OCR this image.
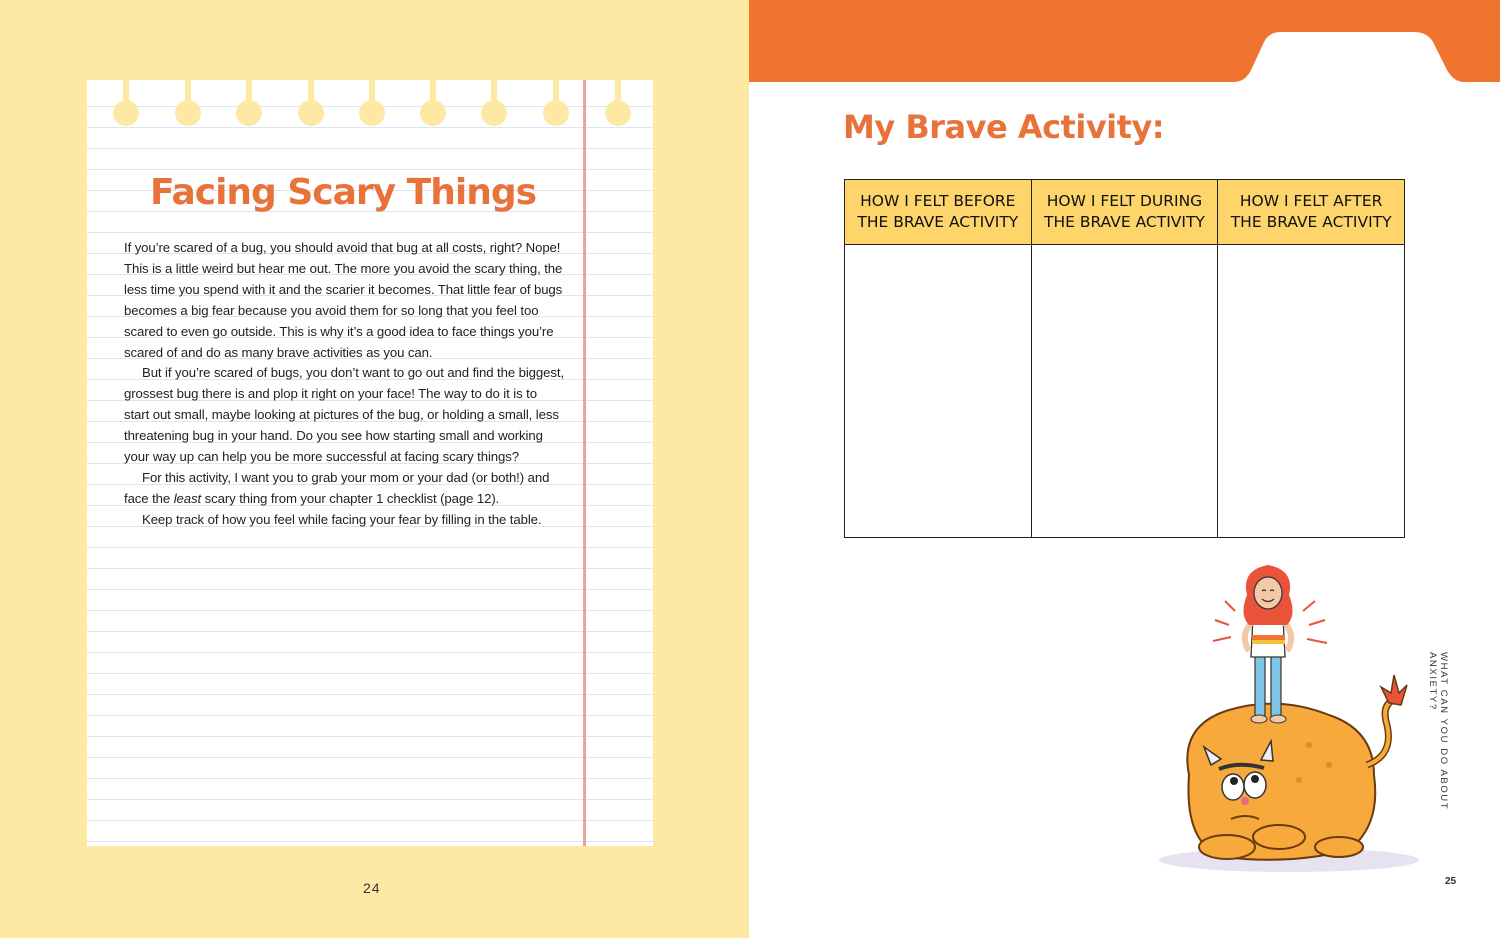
Facing Scary Things

If you’re scared of a bug, you should avoid that bug at all costs, right? Nope! This is a little weird but hear me out. The more you avoid the scary thing, the less time you spend with it and the scarier it becomes. That little fear of bugs becomes a big fear because you avoid them for so long that you feel too scared to even go outside. This is why it’s a good idea to face things you’re scared of and do as many brave activities as you can.

But if you’re scared of bugs, you don’t want to go out and find the biggest, grossest bug there is and plop it right on your face! The way to do it is to start out small, maybe looking at pictures of the bug, or holding a small, less threatening bug in your hand. Do you see how starting small and working your way up can help you be more successful at facing scary things?

For this activity, I want you to grab your mom or your dad (or both!) and face the least scary thing from your chapter 1 checklist (page 12).

Keep track of how you feel while facing your fear by filling in the table.

24
My Brave Activity:
HOW I FELT BEFORE THE BRAVE ACTIVITY	HOW I FELT DURING THE BRAVE ACTIVITY	HOW I FELT AFTER THE BRAVE ACTIVITY

WHAT CAN YOU DO ABOUT ANXIETY?
25
